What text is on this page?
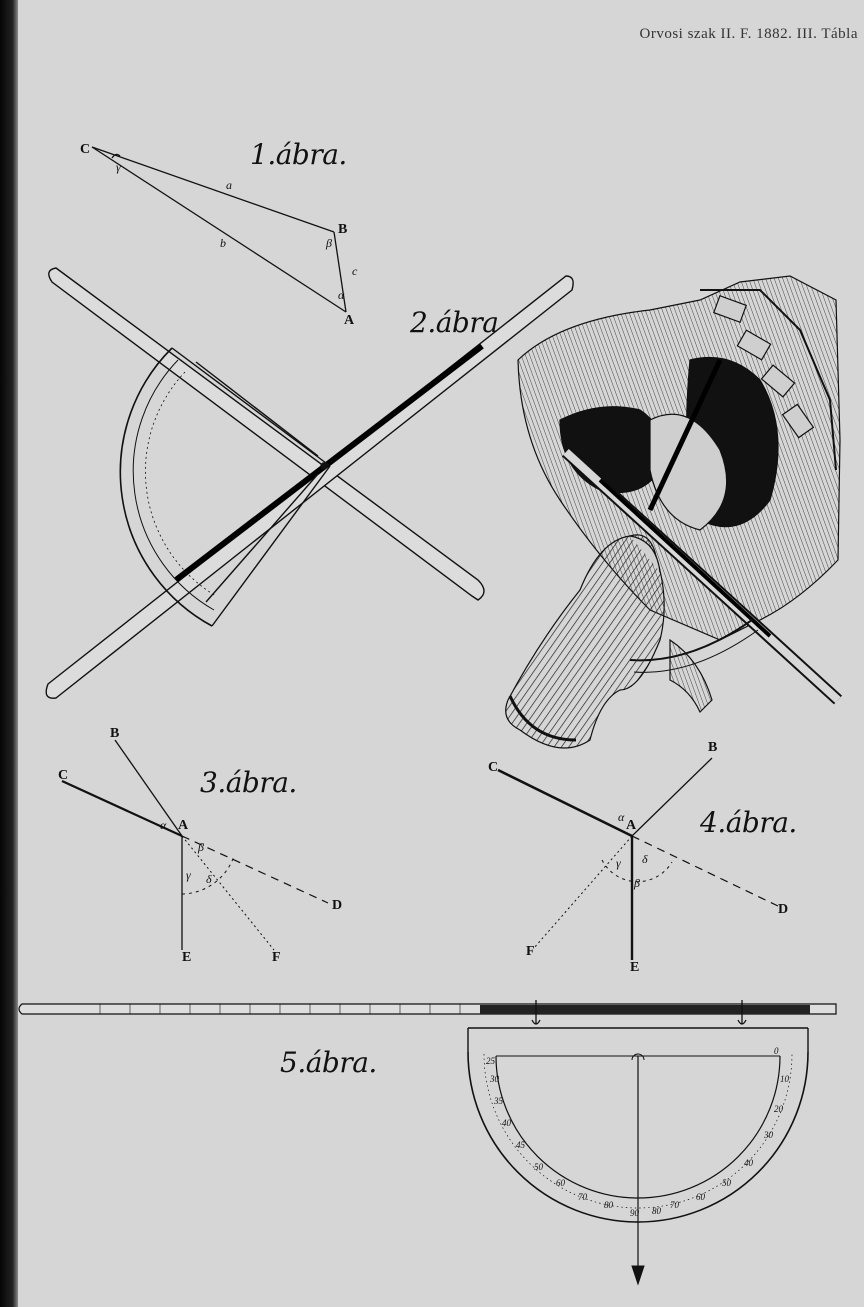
Orvosi szak II. F. 1882. III. Tábla
1.ábra.
2.ábra
3.ábra.
4.ábra.
5.ábra.
C
B
A
a
b
c
γ
β
α
B
C
A
D
E	F
α
β
γ δ
C
B
A
D
F
E
α
γ δ
β
0
10
20
30
40
50
60
70
80
90
80
70
60
50
45
40
35
30
25
